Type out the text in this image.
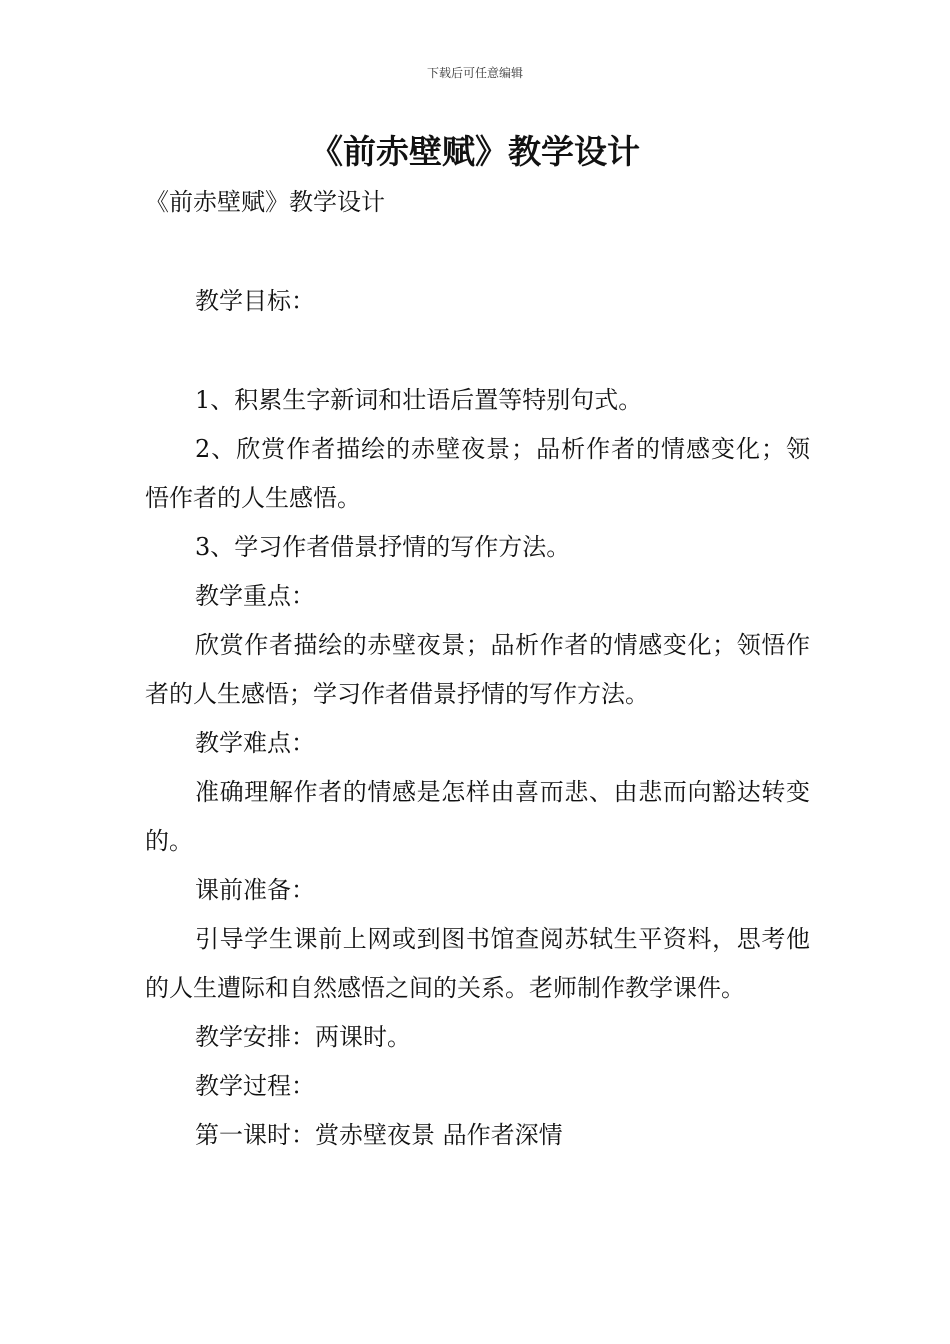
下载后可任意编辑
《前赤壁赋》教学设计

《前赤壁赋》教学设计

教学目标：

1、积累生字新词和壮语后置等特别句式。

2、欣赏作者描绘的赤壁夜景；品析作者的情感变化；领悟作者的人生感悟。

3、学习作者借景抒情的写作方法。

教学重点：

欣赏作者描绘的赤壁夜景；品析作者的情感变化；领悟作者的人生感悟；学习作者借景抒情的写作方法。

教学难点：

准确理解作者的情感是怎样由喜而悲、由悲而向豁达转变的。

课前准备：

引导学生课前上网或到图书馆查阅苏轼生平资料，思考他的人生遭际和自然感悟之间的关系。老师制作教学课件。

教学安排：两课时。

教学过程：

第一课时：赏赤壁夜景 品作者深情
